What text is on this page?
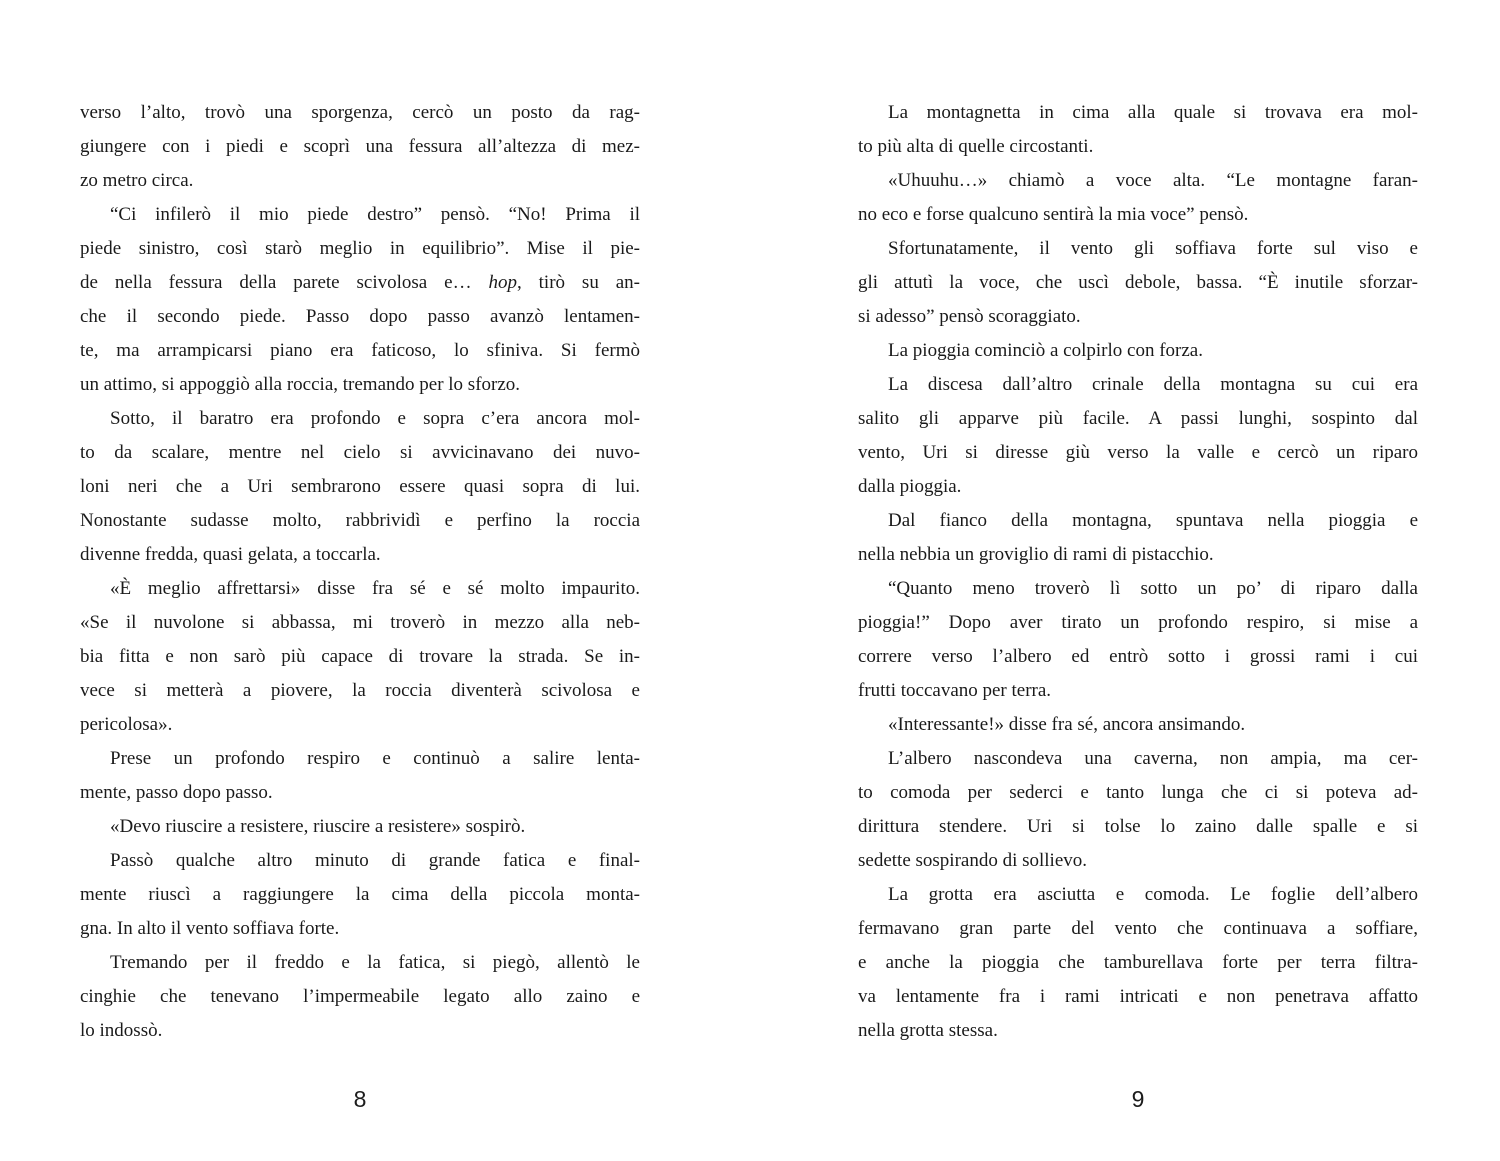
verso l’alto, trovò una sporgenza, cercò un posto da rag-
giungere con i piedi e scoprì una fessura all’altezza di mez-
zo metro circa.
“Ci infilerò il mio piede destro” pensò. “No! Prima il
piede sinistro, così starò meglio in equilibrio”. Mise il pie-
de nella fessura della parete scivolosa e… hop, tirò su an-
che il secondo piede. Passo dopo passo avanzò lentamen-
te, ma arrampicarsi piano era faticoso, lo sfiniva. Si fermò
un attimo, si appoggiò alla roccia, tremando per lo sforzo.
Sotto, il baratro era profondo e sopra c’era ancora mol-
to da scalare, mentre nel cielo si avvicinavano dei nuvo-
loni neri che a Uri sembrarono essere quasi sopra di lui.
Nonostante sudasse molto, rabbrividì e perfino la roccia
divenne fredda, quasi gelata, a toccarla.
«È meglio affrettarsi» disse fra sé e sé molto impaurito.
«Se il nuvolone si abbassa, mi troverò in mezzo alla neb-
bia fitta e non sarò più capace di trovare la strada. Se in-
vece si metterà a piovere, la roccia diventerà scivolosa e
pericolosa».
Prese un profondo respiro e continuò a salire lenta-
mente, passo dopo passo.
«Devo riuscire a resistere, riuscire a resistere» sospirò.
Passò qualche altro minuto di grande fatica e final-
mente riuscì a raggiungere la cima della piccola monta-
gna. In alto il vento soffiava forte.
Tremando per il freddo e la fatica, si piegò, allentò le
cinghie che tenevano l’impermeabile legato allo zaino e
lo indossò.
La montagnetta in cima alla quale si trovava era mol-
to più alta di quelle circostanti.
«Uhuuhu…» chiamò a voce alta. “Le montagne faran-
no eco e forse qualcuno sentirà la mia voce” pensò.
Sfortunatamente, il vento gli soffiava forte sul viso e
gli attutì la voce, che uscì debole, bassa. “È inutile sforzar-
si adesso” pensò scoraggiato.
La pioggia cominciò a colpirlo con forza.
La discesa dall’altro crinale della montagna su cui era
salito gli apparve più facile. A passi lunghi, sospinto dal
vento, Uri si diresse giù verso la valle e cercò un riparo
dalla pioggia.
Dal fianco della montagna, spuntava nella pioggia e
nella nebbia un groviglio di rami di pistacchio.
“Quanto meno troverò lì sotto un po’ di riparo dalla
pioggia!” Dopo aver tirato un profondo respiro, si mise a
correre verso l’albero ed entrò sotto i grossi rami i cui
frutti toccavano per terra.
«Interessante!» disse fra sé, ancora ansimando.
L’albero nascondeva una caverna, non ampia, ma cer-
to comoda per sederci e tanto lunga che ci si poteva ad-
dirittura stendere. Uri si tolse lo zaino dalle spalle e si
sedette sospirando di sollievo.
La grotta era asciutta e comoda. Le foglie dell’albero
fermavano gran parte del vento che continuava a soffiare,
e anche la pioggia che tamburellava forte per terra filtra-
va lentamente fra i rami intricati e non penetrava affatto
nella grotta stessa.
8	9
